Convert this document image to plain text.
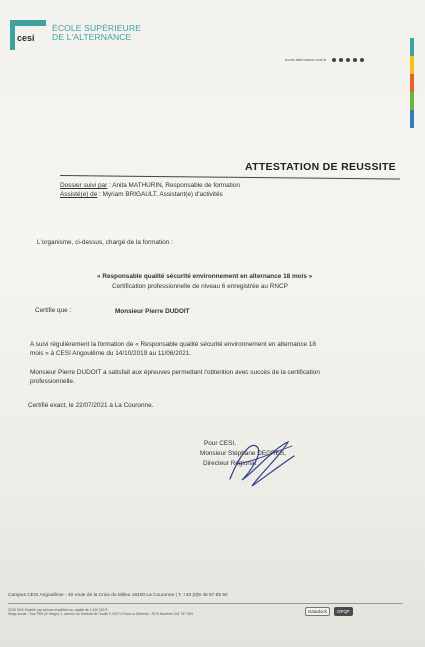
cesi
ÉCOLE SUPÉRIEURE
DE L'ALTERNANCE
ecole-alternance.cesi.fr
ATTESTATION DE REUSSITE
Dossier suivi par : Anita MATHURIN, Responsable de formation
Assisté(e) de : Myriam BRIGAULT, Assistant(e) d'activités
L'organisme, ci-dessus, chargé de la formation :
« Responsable qualité sécurité environnement en alternance 18 mois »
Certification professionnelle de niveau 6 enregistrée au RNCP
Certifie que :	Monsieur Pierre DUDOIT
A suivi régulièrement la formation de « Responsable qualité sécurité environnement en alternance 18
mois » à CESI Angoulême du 14/10/2019 au 11/06/2021.
Monsieur Pierre DUDOIT a satisfait aux épreuves permettant l'obtention avec succès de la certification
professionnelle.
Certifié exact, le 22/07/2021 à La Couronne.
Pour CESI,
Monsieur Stéphane DEGRES,
Directeur Régional
Campus CESI Angoulême - 40 route de la Croix du Milieu 16400 La Couronne | T. +33 (0)5 45 67 65 92
CESI SAS Société par actions simplifiée au capital de 1 100 000 €
Siège social : Tour PBS (6ᵉ étage) 1, avenue du Général de Gaulle F-92074 Paris La Défense - RCS Nanterre 341 757 503
Datadock	OPQF
